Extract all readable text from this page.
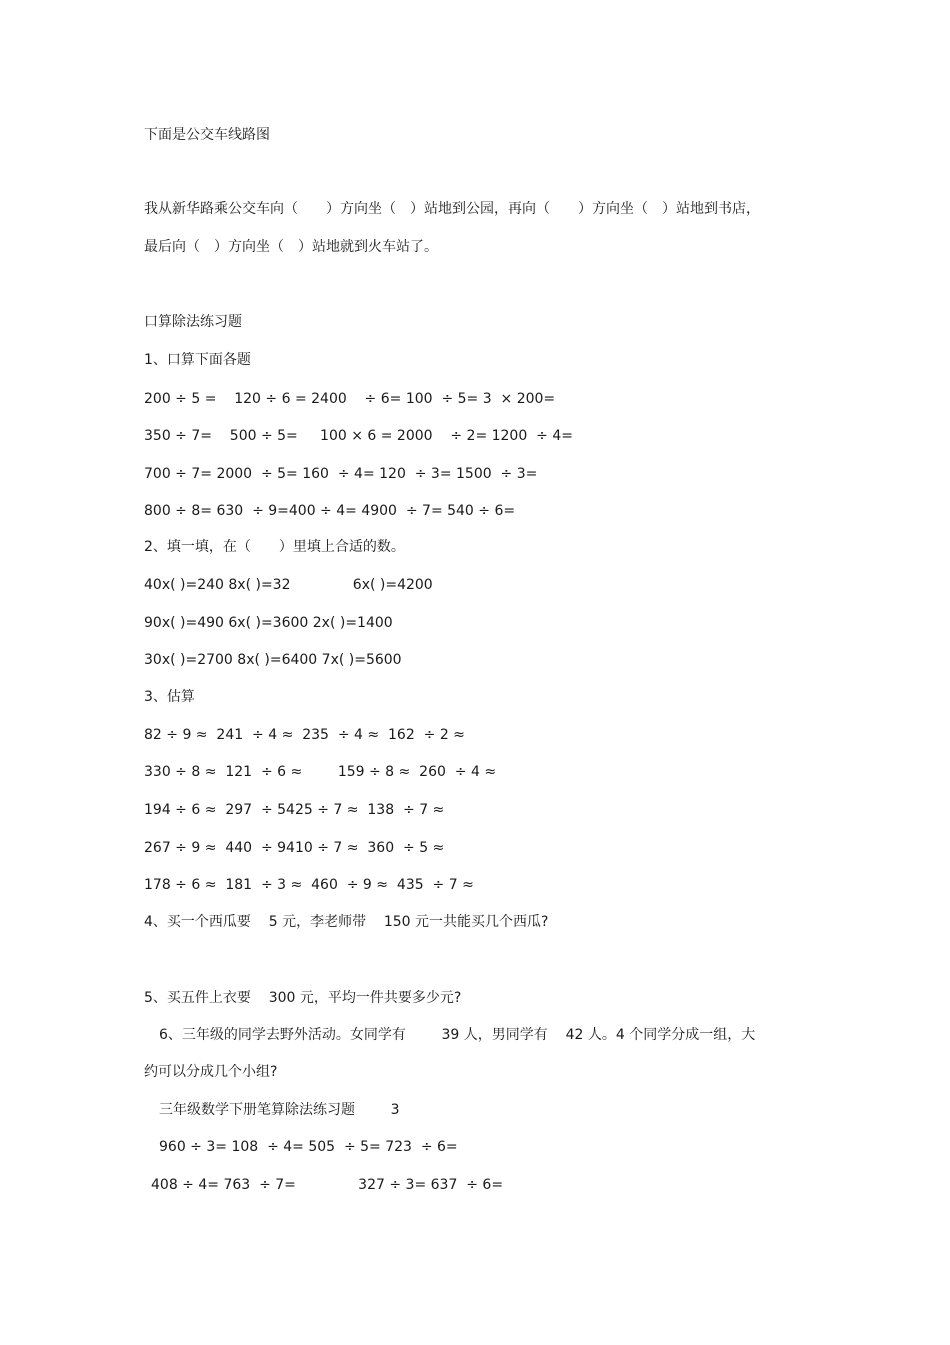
下面是公交车线路图
我从新华路乘公交车向（　　）方向坐（　）站地到公园，再向（　　）方向坐（　）站地到书店，
最后向（　）方向坐（　）站地就到火车站了。
口算除法练习题
1、口算下面各题
200 ÷ 5 =    120 ÷ 6 = 2400    ÷ 6= 100  ÷ 5= 3  × 200=
350 ÷ 7=    500 ÷ 5=     100 × 6 = 2000    ÷ 2= 1200  ÷ 4=
700 ÷ 7= 2000  ÷ 5= 160  ÷ 4= 120  ÷ 3= 1500  ÷ 3=
800 ÷ 8= 630  ÷ 9=400 ÷ 4= 4900  ÷ 7= 540 ÷ 6=
2、填一填，在（　　）里填上合适的数。
40x( )=240 8x( )=32              6x( )=4200
90x( )=490 6x( )=3600 2x( )=1400
30x( )=2700 8x( )=6400 7x( )=5600
3、估算
82 ÷ 9 ≈  241  ÷ 4 ≈  235  ÷ 4 ≈  162  ÷ 2 ≈
330 ÷ 8 ≈  121  ÷ 6 ≈        159 ÷ 8 ≈  260  ÷ 4 ≈
194 ÷ 6 ≈  297  ÷ 5425 ÷ 7 ≈  138  ÷ 7 ≈
267 ÷ 9 ≈  440  ÷ 9410 ÷ 7 ≈  360  ÷ 5 ≈
178 ÷ 6 ≈  181  ÷ 3 ≈  460  ÷ 9 ≈  435  ÷ 7 ≈
4、买一个西瓜要    5 元，李老师带    150 元一共能买几个西瓜?
5、买五件上衣要    300 元，平均一件共要多少元?
6、三年级的同学去野外活动。女同学有        39 人，男同学有    42 人。4 个同学分成一组，大
约可以分成几个小组?
三年级数学下册笔算除法练习题        3
960 ÷ 3= 108  ÷ 4= 505  ÷ 5= 723  ÷ 6=
408 ÷ 4= 763  ÷ 7=              327 ÷ 3= 637  ÷ 6=
